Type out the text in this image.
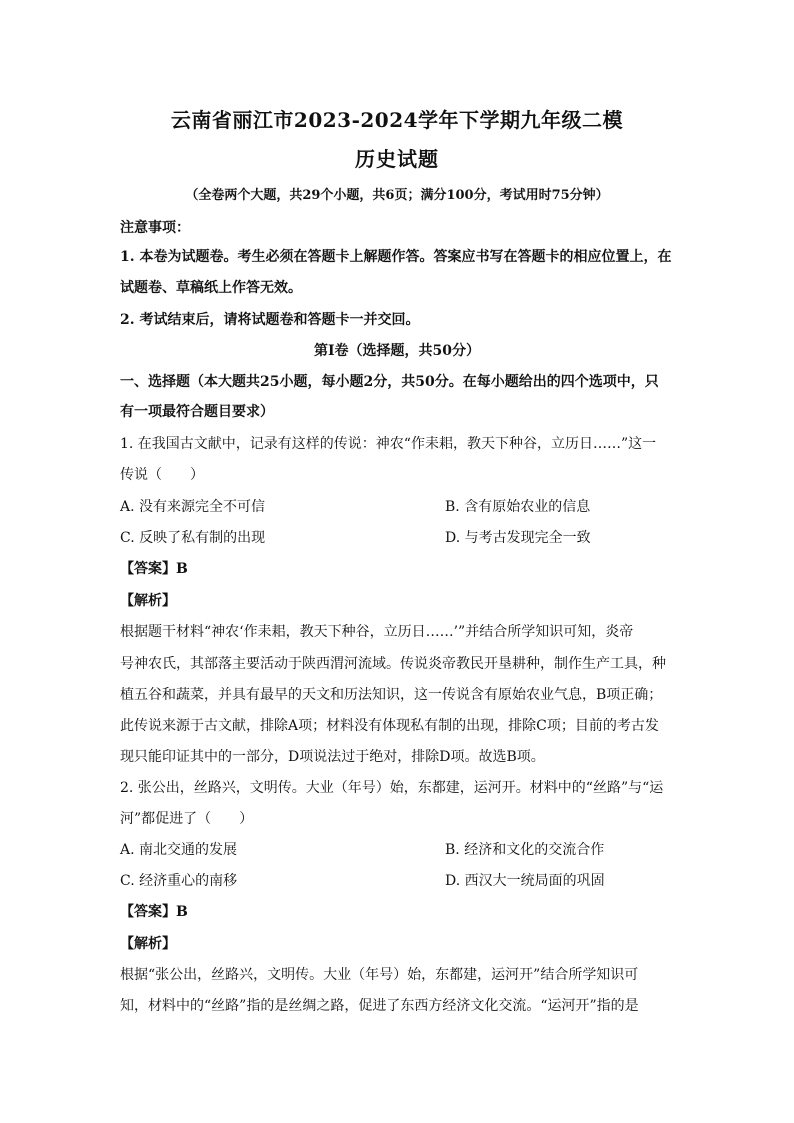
云南省丽江市2023-2024学年下学期九年级二模
历史试题
（全卷两个大题，共29个小题，共6页；满分100分，考试用时75分钟）
注意事项：
1. 本卷为试题卷。考生必须在答题卡上解题作答。答案应书写在答题卡的相应位置上，在
试题卷、草稿纸上作答无效。
2. 考试结束后，请将试题卷和答题卡一并交回。
第I卷（选择题，共50分）
一、选择题（本大题共25小题，每小题2分，共50分。在每小题给出的四个选项中，只
有一项最符合题目要求）
1. 在我国古文献中，记录有这样的传说：神农“作耒耜，教天下种谷，立历日……”这一
传说（　　）
A. 没有来源完全不可信	B. 含有原始农业的信息
C. 反映了私有制的出现	D. 与考古发现完全一致
【答案】B
【解析】
根据题干材料“神农‘作耒耜，教天下种谷，立历日……’”并结合所学知识可知，炎帝
号神农氏，其部落主要活动于陕西渭河流域。传说炎帝教民开垦耕种，制作生产工具，种
植五谷和蔬菜，并具有最早的天文和历法知识，这一传说含有原始农业气息，B项正确；
此传说来源于古文献，排除A项；材料没有体现私有制的出现，排除C项；目前的考古发
现只能印证其中的一部分，D项说法过于绝对，排除D项。故选B项。
2. 张公出，丝路兴，文明传。大业（年号）始，东都建，运河开。材料中的“丝路”与“运
河”都促进了（　　）
A. 南北交通的发展	B. 经济和文化的交流合作
C. 经济重心的南移	D. 西汉大一统局面的巩固
【答案】B
【解析】
根据“张公出，丝路兴，文明传。大业（年号）始，东都建，运河开”结合所学知识可
知，材料中的“丝路”指的是丝绸之路，促进了东西方经济文化交流。“运河开”指的是
